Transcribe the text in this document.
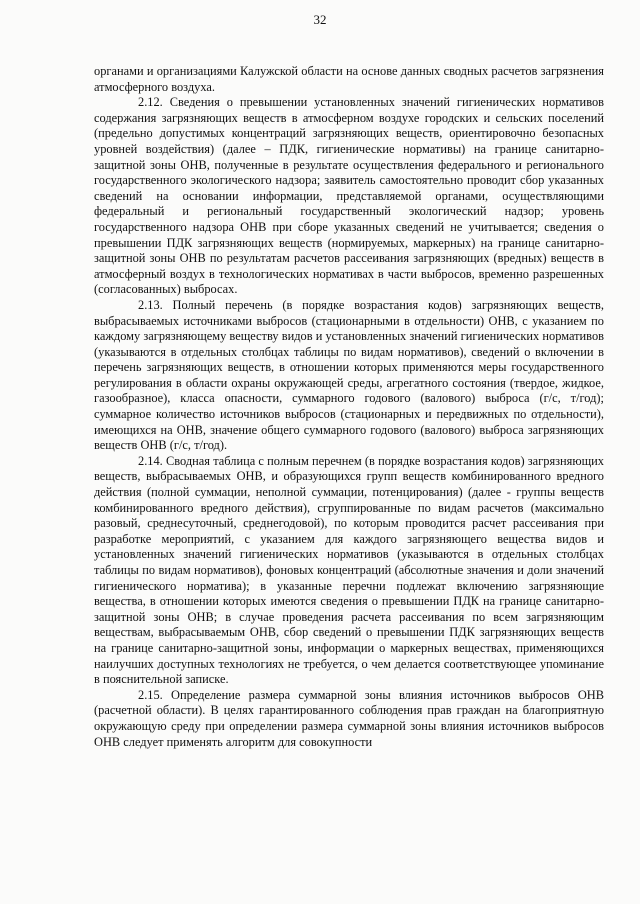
32

органами и организациями Калужской области на основе данных сводных расчетов загрязнения атмосферного воздуха.

2.12. Сведения о превышении установленных значений гигиенических нормативов содержания загрязняющих веществ в атмосферном воздухе городских и сельских поселений (предельно допустимых концентраций загрязняющих веществ, ориентировочно безопасных уровней воздействия) (далее – ПДК, гигиенические нормативы) на границе санитарно-защитной зоны ОНВ, полученные в результате осуществления федерального и регионального государственного экологического надзора; заявитель самостоятельно проводит сбор указанных сведений на основании информации, представляемой органами, осуществляющими федеральный и региональный государственный экологический надзор; уровень государственного надзора ОНВ при сборе указанных сведений не учитывается; сведения о превышении ПДК загрязняющих веществ (нормируемых, маркерных) на границе санитарно-защитной зоны ОНВ по результатам расчетов рассеивания загрязняющих (вредных) веществ в атмосферный воздух в технологических нормативах в части выбросов, временно разрешенных (согласованных) выбросах.

2.13. Полный перечень (в порядке возрастания кодов) загрязняющих веществ, выбрасываемых источниками выбросов (стационарными в отдельности) ОНВ, с указанием по каждому загрязняющему веществу видов и установленных значений гигиенических нормативов (указываются в отдельных столбцах таблицы по видам нормативов), сведений о включении в перечень загрязняющих веществ, в отношении которых применяются меры государственного регулирования в области охраны окружающей среды, агрегатного состояния (твердое, жидкое, газообразное), класса опасности, суммарного годового (валового) выброса (г/с, т/год); суммарное количество источников выбросов (стационарных и передвижных по отдельности), имеющихся на ОНВ, значение общего суммарного годового (валового) выброса загрязняющих веществ ОНВ (г/с, т/год).

2.14. Сводная таблица с полным перечнем (в порядке возрастания кодов) загрязняющих веществ, выбрасываемых ОНВ, и образующихся групп веществ комбинированного вредного действия (полной суммации, неполной суммации, потенцирования) (далее - группы веществ комбинированного вредного действия), сгруппированные по видам расчетов (максимально разовый, среднесуточный, среднегодовой), по которым проводится расчет рассеивания при разработке мероприятий, с указанием для каждого загрязняющего вещества видов и установленных значений гигиенических нормативов (указываются в отдельных столбцах таблицы по видам нормативов), фоновых концентраций (абсолютные значения и доли значений гигиенического норматива); в указанные перечни подлежат включению загрязняющие вещества, в отношении которых имеются сведения о превышении ПДК на границе санитарно-защитной зоны ОНВ; в случае проведения расчета рассеивания по всем загрязняющим веществам, выбрасываемым ОНВ, сбор сведений о превышении ПДК загрязняющих веществ на границе санитарно-защитной зоны, информации о маркерных веществах, применяющихся наилучших доступных технологиях не требуется, о чем делается соответствующее упоминание в пояснительной записке.

2.15. Определение размера суммарной зоны влияния источников выбросов ОНВ (расчетной области). В целях гарантированного соблюдения прав граждан на благоприятную окружающую среду при определении размера суммарной зоны влияния источников выбросов ОНВ следует применять алгоритм для совокупности
